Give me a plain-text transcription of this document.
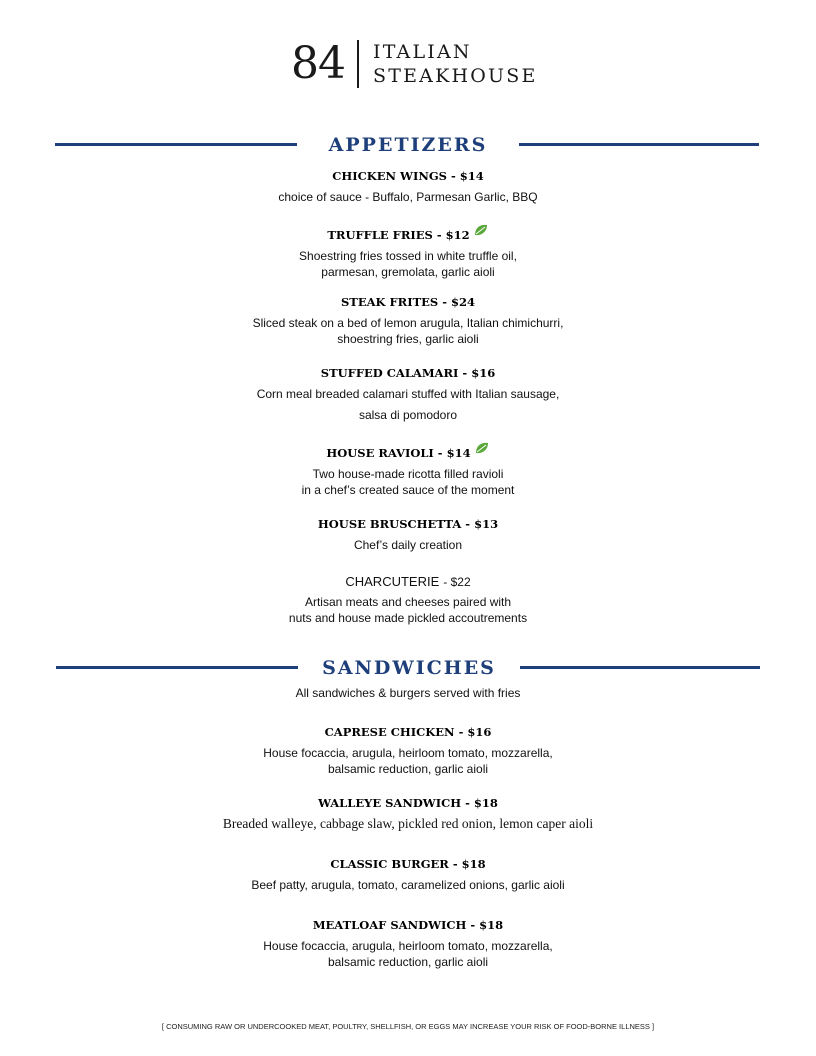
84 ITALIAN
STEAKHOUSE
APPETIZERS
CHICKEN WINGS - $14
choice of sauce - Buffalo, Parmesan Garlic, BBQ
TRUFFLE FRIES - $12
Shoestring fries tossed in white truffle oil,
parmesan, gremolata, garlic aioli
STEAK FRITES - $24
Sliced steak on a bed of lemon arugula, Italian chimichurri,
shoestring fries, garlic aioli
STUFFED CALAMARI - $16
Corn meal breaded calamari stuffed with Italian sausage,
salsa di pomodoro
HOUSE RAVIOLI - $14
Two house-made ricotta filled ravioli
in a chef’s created sauce of the moment
HOUSE BRUSCHETTA - $13
Chef’s daily creation
CHARCUTERIE - $22
Artisan meats and cheeses paired with
nuts and house made pickled accoutrements
SANDWICHES
All sandwiches & burgers served with fries
CAPRESE CHICKEN - $16
House focaccia, arugula, heirloom tomato, mozzarella,
balsamic reduction, garlic aioli
WALLEYE SANDWICH - $18
Breaded walleye, cabbage slaw, pickled red onion, lemon caper aioli
CLASSIC BURGER - $18
Beef patty, arugula, tomato, caramelized onions, garlic aioli
MEATLOAF SANDWICH - $18
House focaccia, arugula, heirloom tomato, mozzarella,
balsamic reduction, garlic aioli
[ CONSUMING RAW OR UNDERCOOKED MEAT, POULTRY, SHELLFISH, OR EGGS MAY INCREASE YOUR RISK OF FOOD-BORNE ILLNESS ]
